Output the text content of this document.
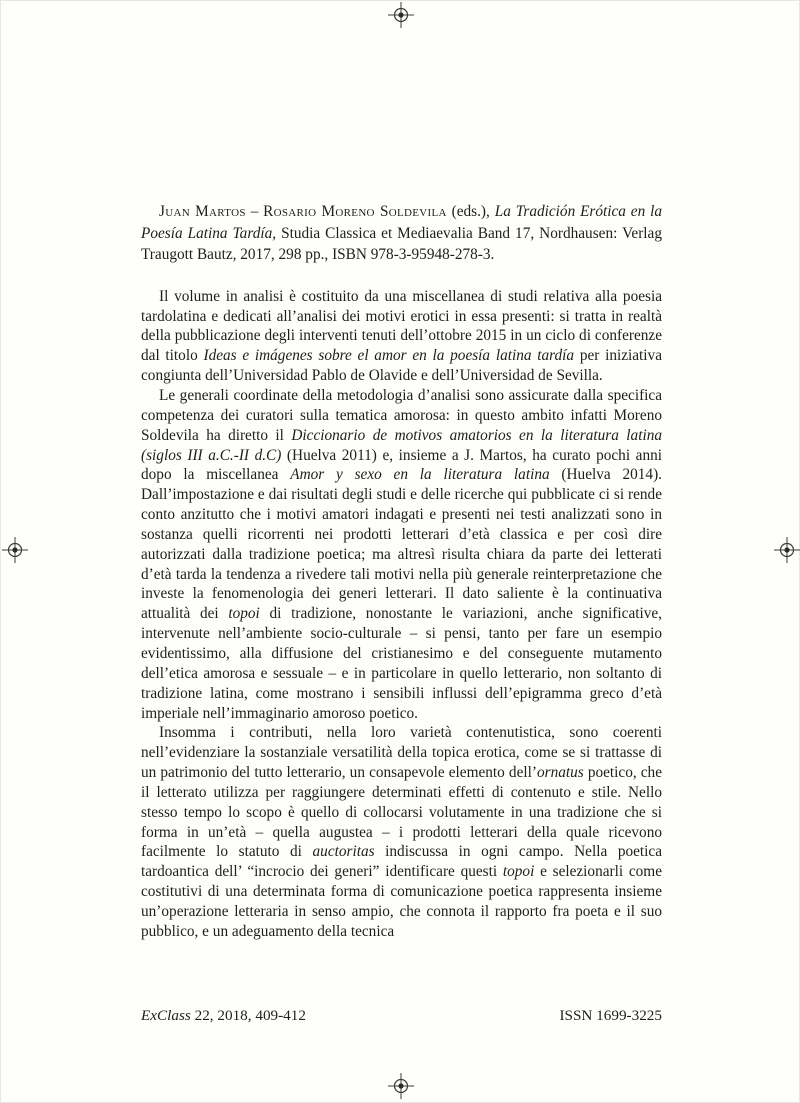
Juan Martos – Rosario Moreno Soldevila (eds.), La Tradición Erótica en la Poesía Latina Tardía, Studia Classica et Mediaevalia Band 17, Nordhausen: Verlag Traugott Bautz, 2017, 298 pp., ISBN 978-3-95948-278-3.

Il volume in analisi è costituito da una miscellanea di studi relativa alla poesia tardolatina e dedicati all’analisi dei motivi erotici in essa presenti: si tratta in realtà della pubblicazione degli interventi tenuti dell’ottobre 2015 in un ciclo di conferenze dal titolo Ideas e imágenes sobre el amor en la poesía latina tardía per iniziativa congiunta dell’Universidad Pablo de Olavide e dell’Universidad de Sevilla.

Le generali coordinate della metodologia d’analisi sono assicurate dalla specifica competenza dei curatori sulla tematica amorosa: in questo ambito infatti Moreno Soldevila ha diretto il Diccionario de motivos amatorios en la literatura latina (siglos III a.C.-II d.C) (Huelva 2011) e, insieme a J. Martos, ha curato pochi anni dopo la miscellanea Amor y sexo en la literatura latina (Huelva 2014). Dall’impostazione e dai risultati degli studi e delle ricerche qui pubblicate ci si rende conto anzitutto che i motivi amatori indagati e presenti nei testi analizzati sono in sostanza quelli ricorrenti nei prodotti letterari d’età classica e per così dire autorizzati dalla tradizione poetica; ma altresì risulta chiara da parte dei letterati d’età tarda la tendenza a rivedere tali motivi nella più generale reinterpretazione che investe la fenomenologia dei generi letterari. Il dato saliente è la continuativa attualità dei topoi di tradizione, nonostante le variazioni, anche significative, intervenute nell’ambiente socio-culturale – si pensi, tanto per fare un esempio evidentissimo, alla diffusione del cristianesimo e del conseguente mutamento dell’etica amorosa e sessuale – e in particolare in quello letterario, non soltanto di tradizione latina, come mostrano i sensibili influssi dell’epigramma greco d’età imperiale nell’immaginario amoroso poetico.

Insomma i contributi, nella loro varietà contenutistica, sono coerenti nell’evidenziare la sostanziale versatilità della topica erotica, come se si trattasse di un patrimonio del tutto letterario, un consapevole elemento dell’ornatus poetico, che il letterato utilizza per raggiungere determinati effetti di contenuto e stile. Nello stesso tempo lo scopo è quello di collocarsi volutamente in una tradizione che si forma in un’età – quella augustea – i prodotti letterari della quale ricevono facilmente lo statuto di auctoritas indiscussa in ogni campo. Nella poetica tardoantica dell’ “incrocio dei generi” identificare questi topoi e selezionarli come costitutivi di una determinata forma di comunicazione poetica rappresenta insieme un’operazione letteraria in senso ampio, che connota il rapporto fra poeta e il suo pubblico, e un adeguamento della tecnica

ExClass 22, 2018, 409-412	ISSN 1699-3225
